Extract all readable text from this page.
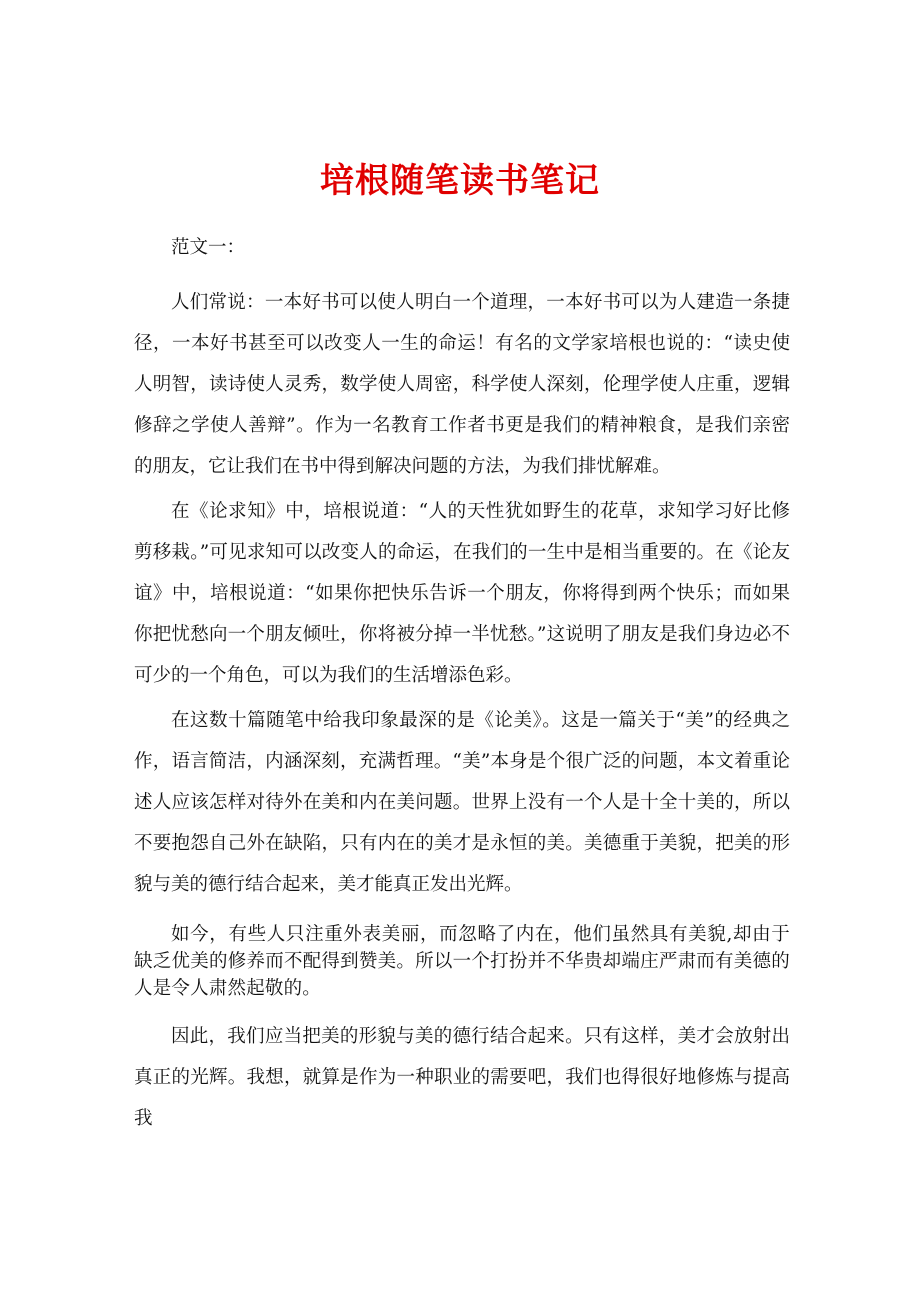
培根随笔读书笔记

范文一：

人们常说：一本好书可以使人明白一个道理，一本好书可以为人建造一条捷径，一本好书甚至可以改变人一生的命运！有名的文学家培根也说的：“读史使人明智，读诗使人灵秀，数学使人周密，科学使人深刻，伦理学使人庄重，逻辑修辞之学使人善辩”。作为一名教育工作者书更是我们的精神粮食，是我们亲密的朋友，它让我们在书中得到解决问题的方法，为我们排忧解难。

在《论求知》中，培根说道：“人的天性犹如野生的花草，求知学习好比修剪移栽。”可见求知可以改变人的命运，在我们的一生中是相当重要的。在《论友谊》中，培根说道：“如果你把快乐告诉一个朋友，你将得到两个快乐；而如果你把忧愁向一个朋友倾吐，你将被分掉一半忧愁。”这说明了朋友是我们身边必不可少的一个角色，可以为我们的生活增添色彩。

在这数十篇随笔中给我印象最深的是《论美》。这是一篇关于“美”的经典之作，语言简洁，内涵深刻，充满哲理。“美”本身是个很广泛的问题，本文着重论述人应该怎样对待外在美和内在美问题。世界上没有一个人是十全十美的，所以不要抱怨自己外在缺陷，只有内在的美才是永恒的美。美德重于美貌，把美的形貌与美的德行结合起来，美才能真正发出光辉。

如今，有些人只注重外表美丽，而忽略了内在，他们虽然具有美貌,却由于缺乏优美的修养而不配得到赞美。所以一个打扮并不华贵却端庄严肃而有美德的人是令人肃然起敬的。

因此，我们应当把美的形貌与美的德行结合起来。只有这样，美才会放射出真正的光辉。我想，就算是作为一种职业的需要吧，我们也得很好地修炼与提高我
